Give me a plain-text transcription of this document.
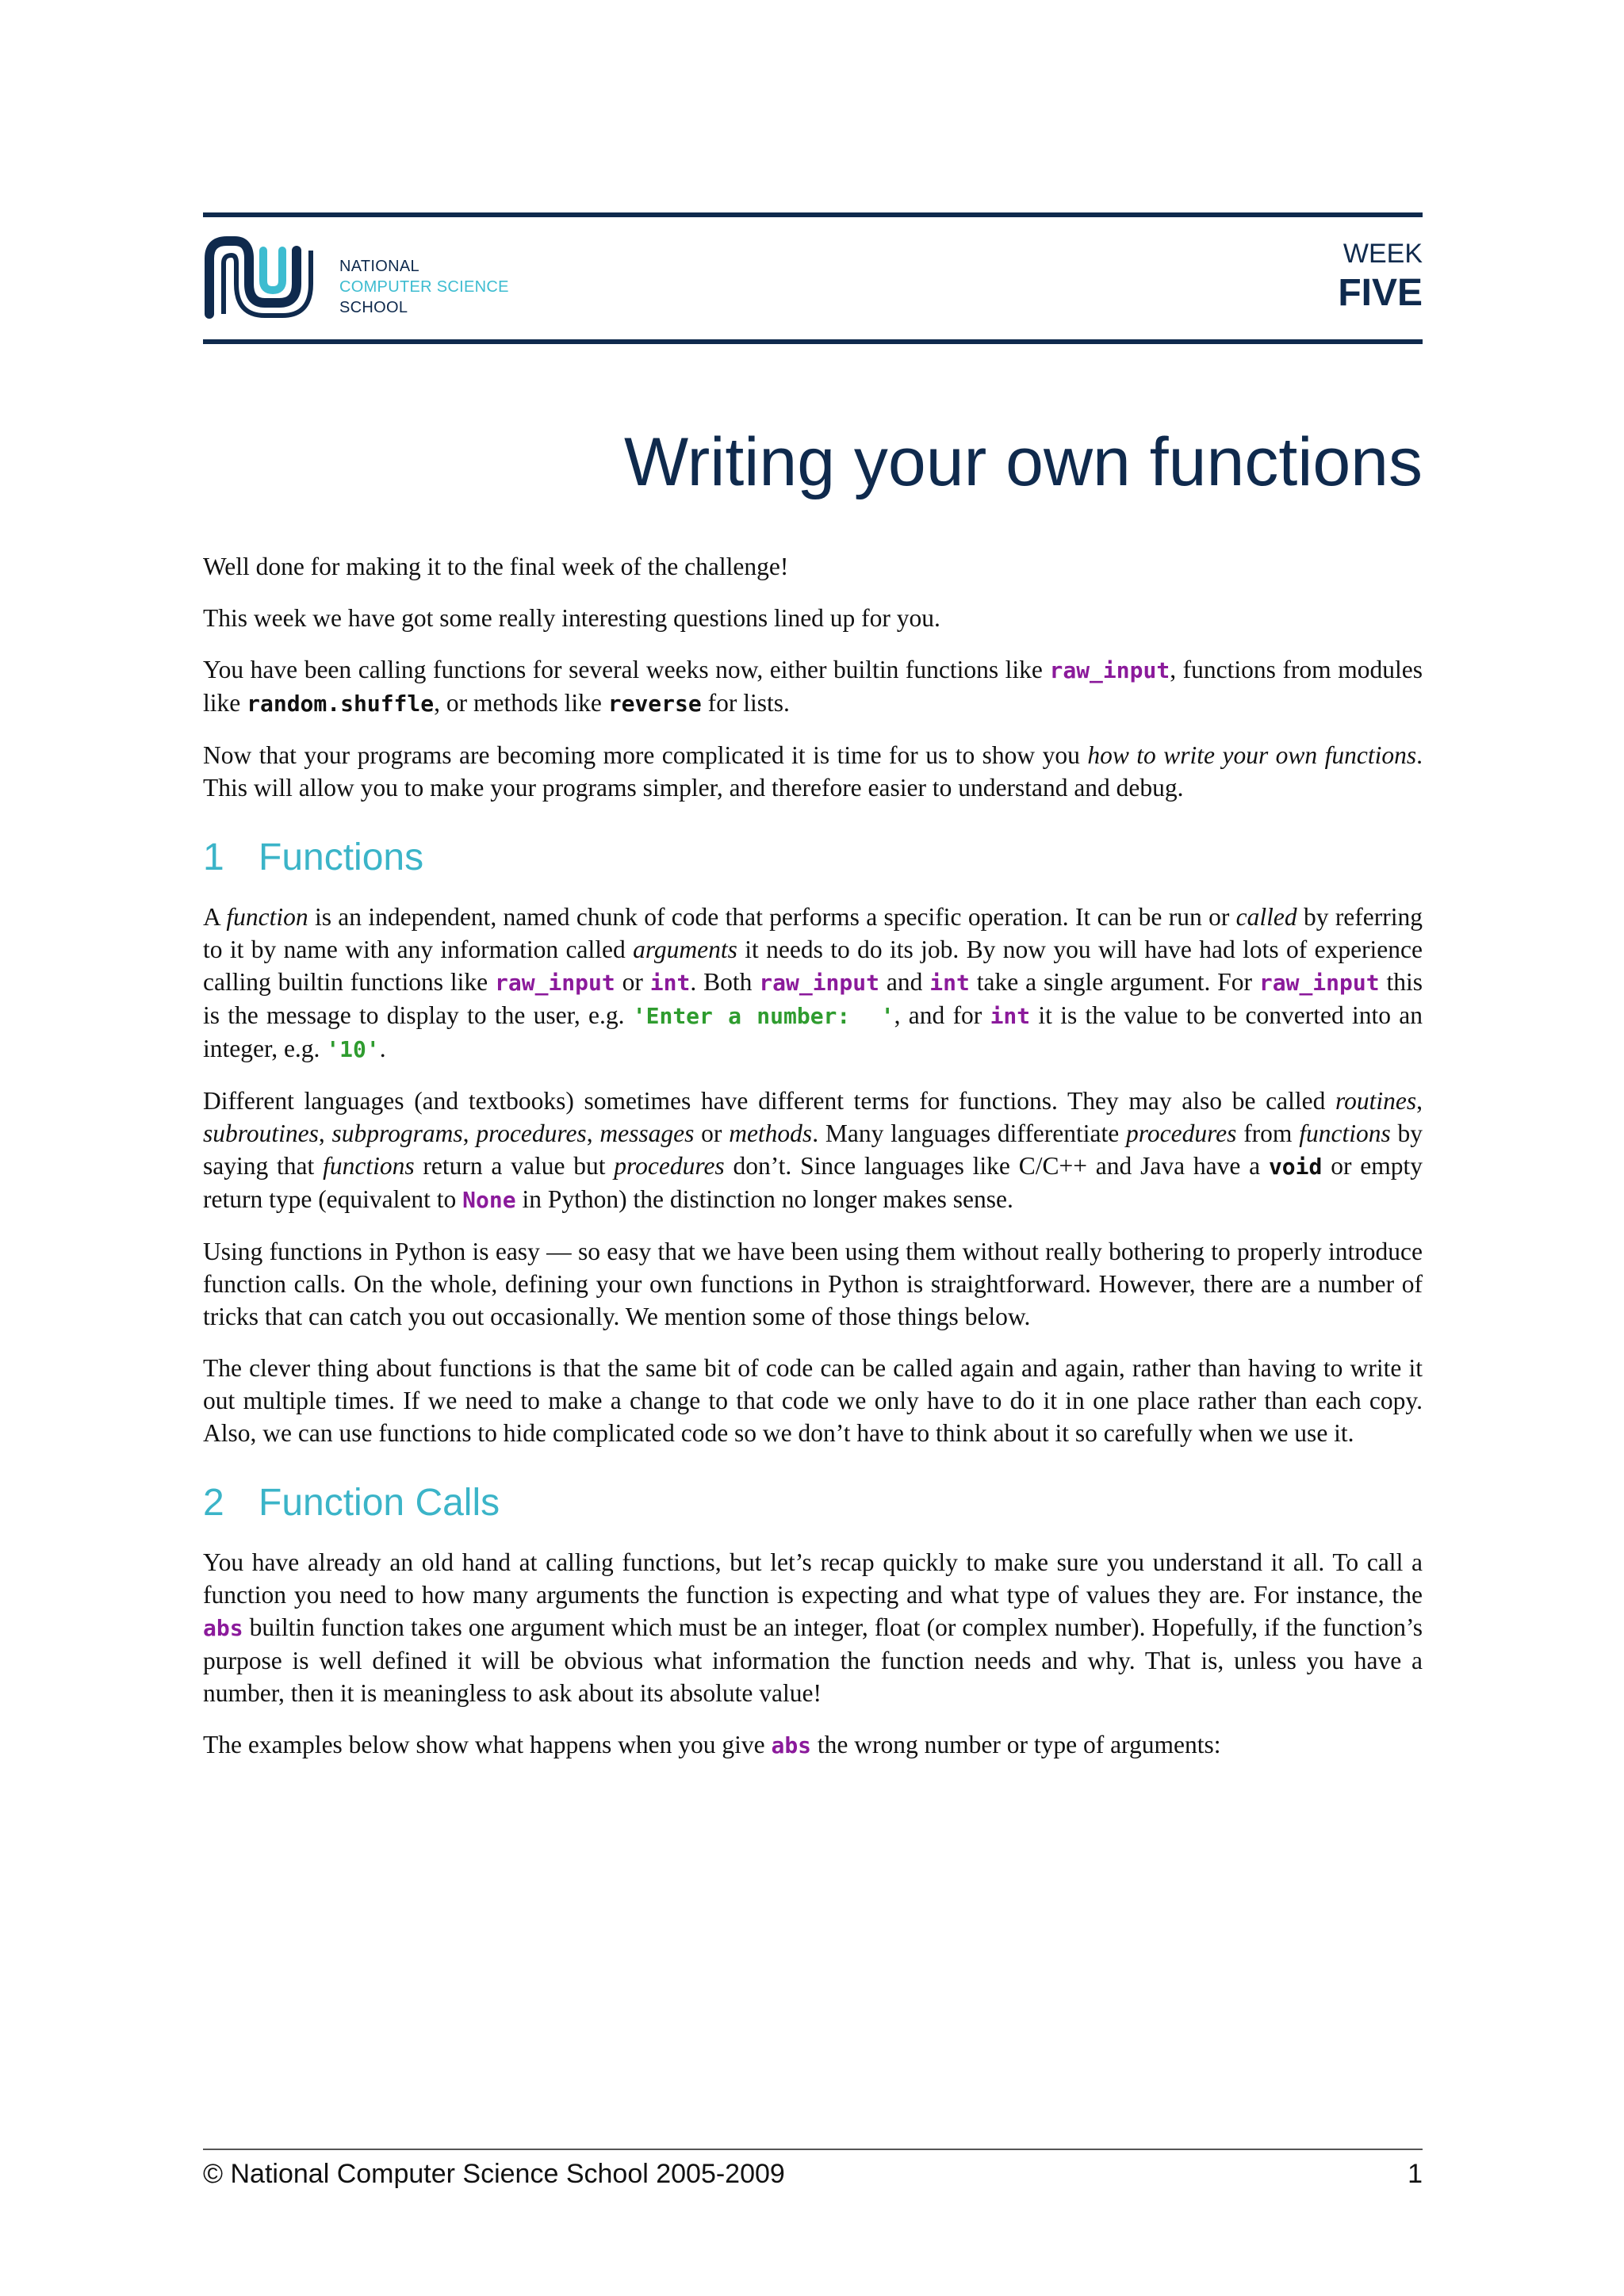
NATIONAL
COMPUTER SCIENCE
SCHOOL
WEEK
FIVE
Writing your own functions

Well done for making it to the final week of the challenge!

This week we have got some really interesting questions lined up for you.

You have been calling functions for several weeks now, either builtin functions like raw_input, functions from modules like random.shuffle, or methods like reverse for lists.

Now that your programs are becoming more complicated it is time for us to show you how to write your own functions. This will allow you to make your programs simpler, and therefore easier to understand and debug.

1 Functions

A function is an independent, named chunk of code that performs a specific operation. It can be run or called by referring to it by name with any information called arguments it needs to do its job. By now you will have had lots of experience calling builtin functions like raw_input or int. Both raw_input and int take a single argument. For raw_input this is the message to display to the user, e.g. 'Enter a number:  ', and for int it is the value to be converted into an integer, e.g. '10'.

Different languages (and textbooks) sometimes have different terms for functions. They may also be called routines, subroutines, subprograms, procedures, messages or methods. Many languages differentiate procedures from functions by saying that functions return a value but procedures don’t. Since languages like C/C++ and Java have a void or empty return type (equivalent to None in Python) the distinction no longer makes sense.

Using functions in Python is easy — so easy that we have been using them without really bothering to properly introduce function calls. On the whole, defining your own functions in Python is straightforward. However, there are a number of tricks that can catch you out occasionally. We mention some of those things below.

The clever thing about functions is that the same bit of code can be called again and again, rather than having to write it out multiple times. If we need to make a change to that code we only have to do it in one place rather than each copy. Also, we can use functions to hide complicated code so we don’t have to think about it so carefully when we use it.

2 Function Calls

You have already an old hand at calling functions, but let’s recap quickly to make sure you understand it all. To call a function you need to how many arguments the function is expecting and what type of values they are. For instance, the abs builtin function takes one argument which must be an integer, float (or complex number). Hopefully, if the function’s purpose is well defined it will be obvious what information the function needs and why. That is, unless you have a number, then it is meaningless to ask about its absolute value!

The examples below show what happens when you give abs the wrong number or type of arguments:

© National Computer Science School 2005-2009	1
